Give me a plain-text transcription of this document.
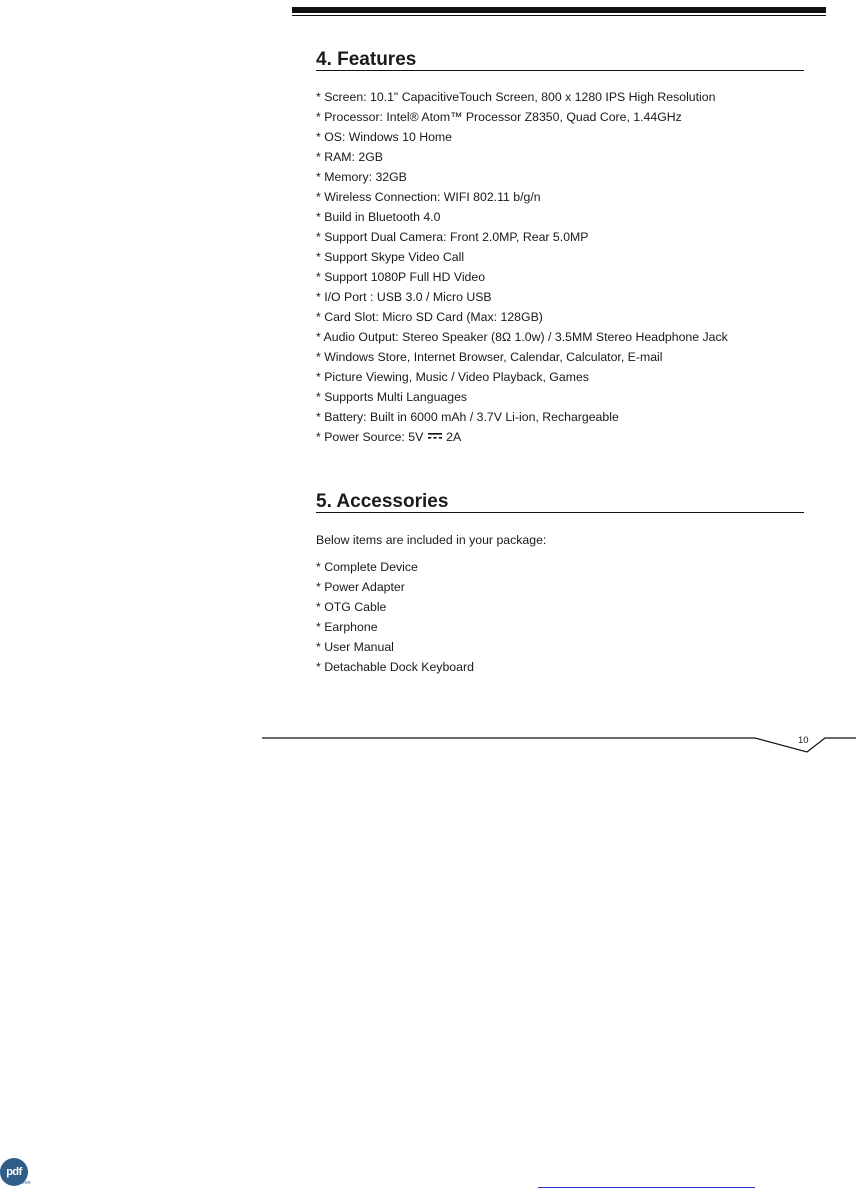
4. Features
* Screen: 10.1" CapacitiveTouch Screen, 800 x 1280 IPS High Resolution
* Processor: Intel® Atom™ Processor Z8350, Quad Core, 1.44GHz
* OS: Windows 10 Home
* RAM: 2GB
* Memory: 32GB
* Wireless Connection: WIFI 802.11 b/g/n
* Build in Bluetooth 4.0
* Support Dual Camera: Front 2.0MP, Rear 5.0MP
* Support Skype Video Call
* Support 1080P Full HD Video
* I/O Port : USB 3.0 / Micro USB
* Card Slot: Micro SD Card (Max: 128GB)
* Audio Output: Stereo Speaker (8Ω 1.0w) / 3.5MM Stereo Headphone Jack
* Windows Store, Internet Browser, Calendar, Calculator, E-mail
* Picture Viewing, Music / Video Playback, Games
* Supports Multi Languages
* Battery: Built in 6000 mAh / 3.7V Li-ion, Rechargeable
* Power Source: 5V 2A
5. Accessories
Below items are included in your package:
* Complete Device
* Power Adapter
* OTG Cable
* Earphone
* User Manual
* Detachable Dock Keyboard
10
pdf
free
